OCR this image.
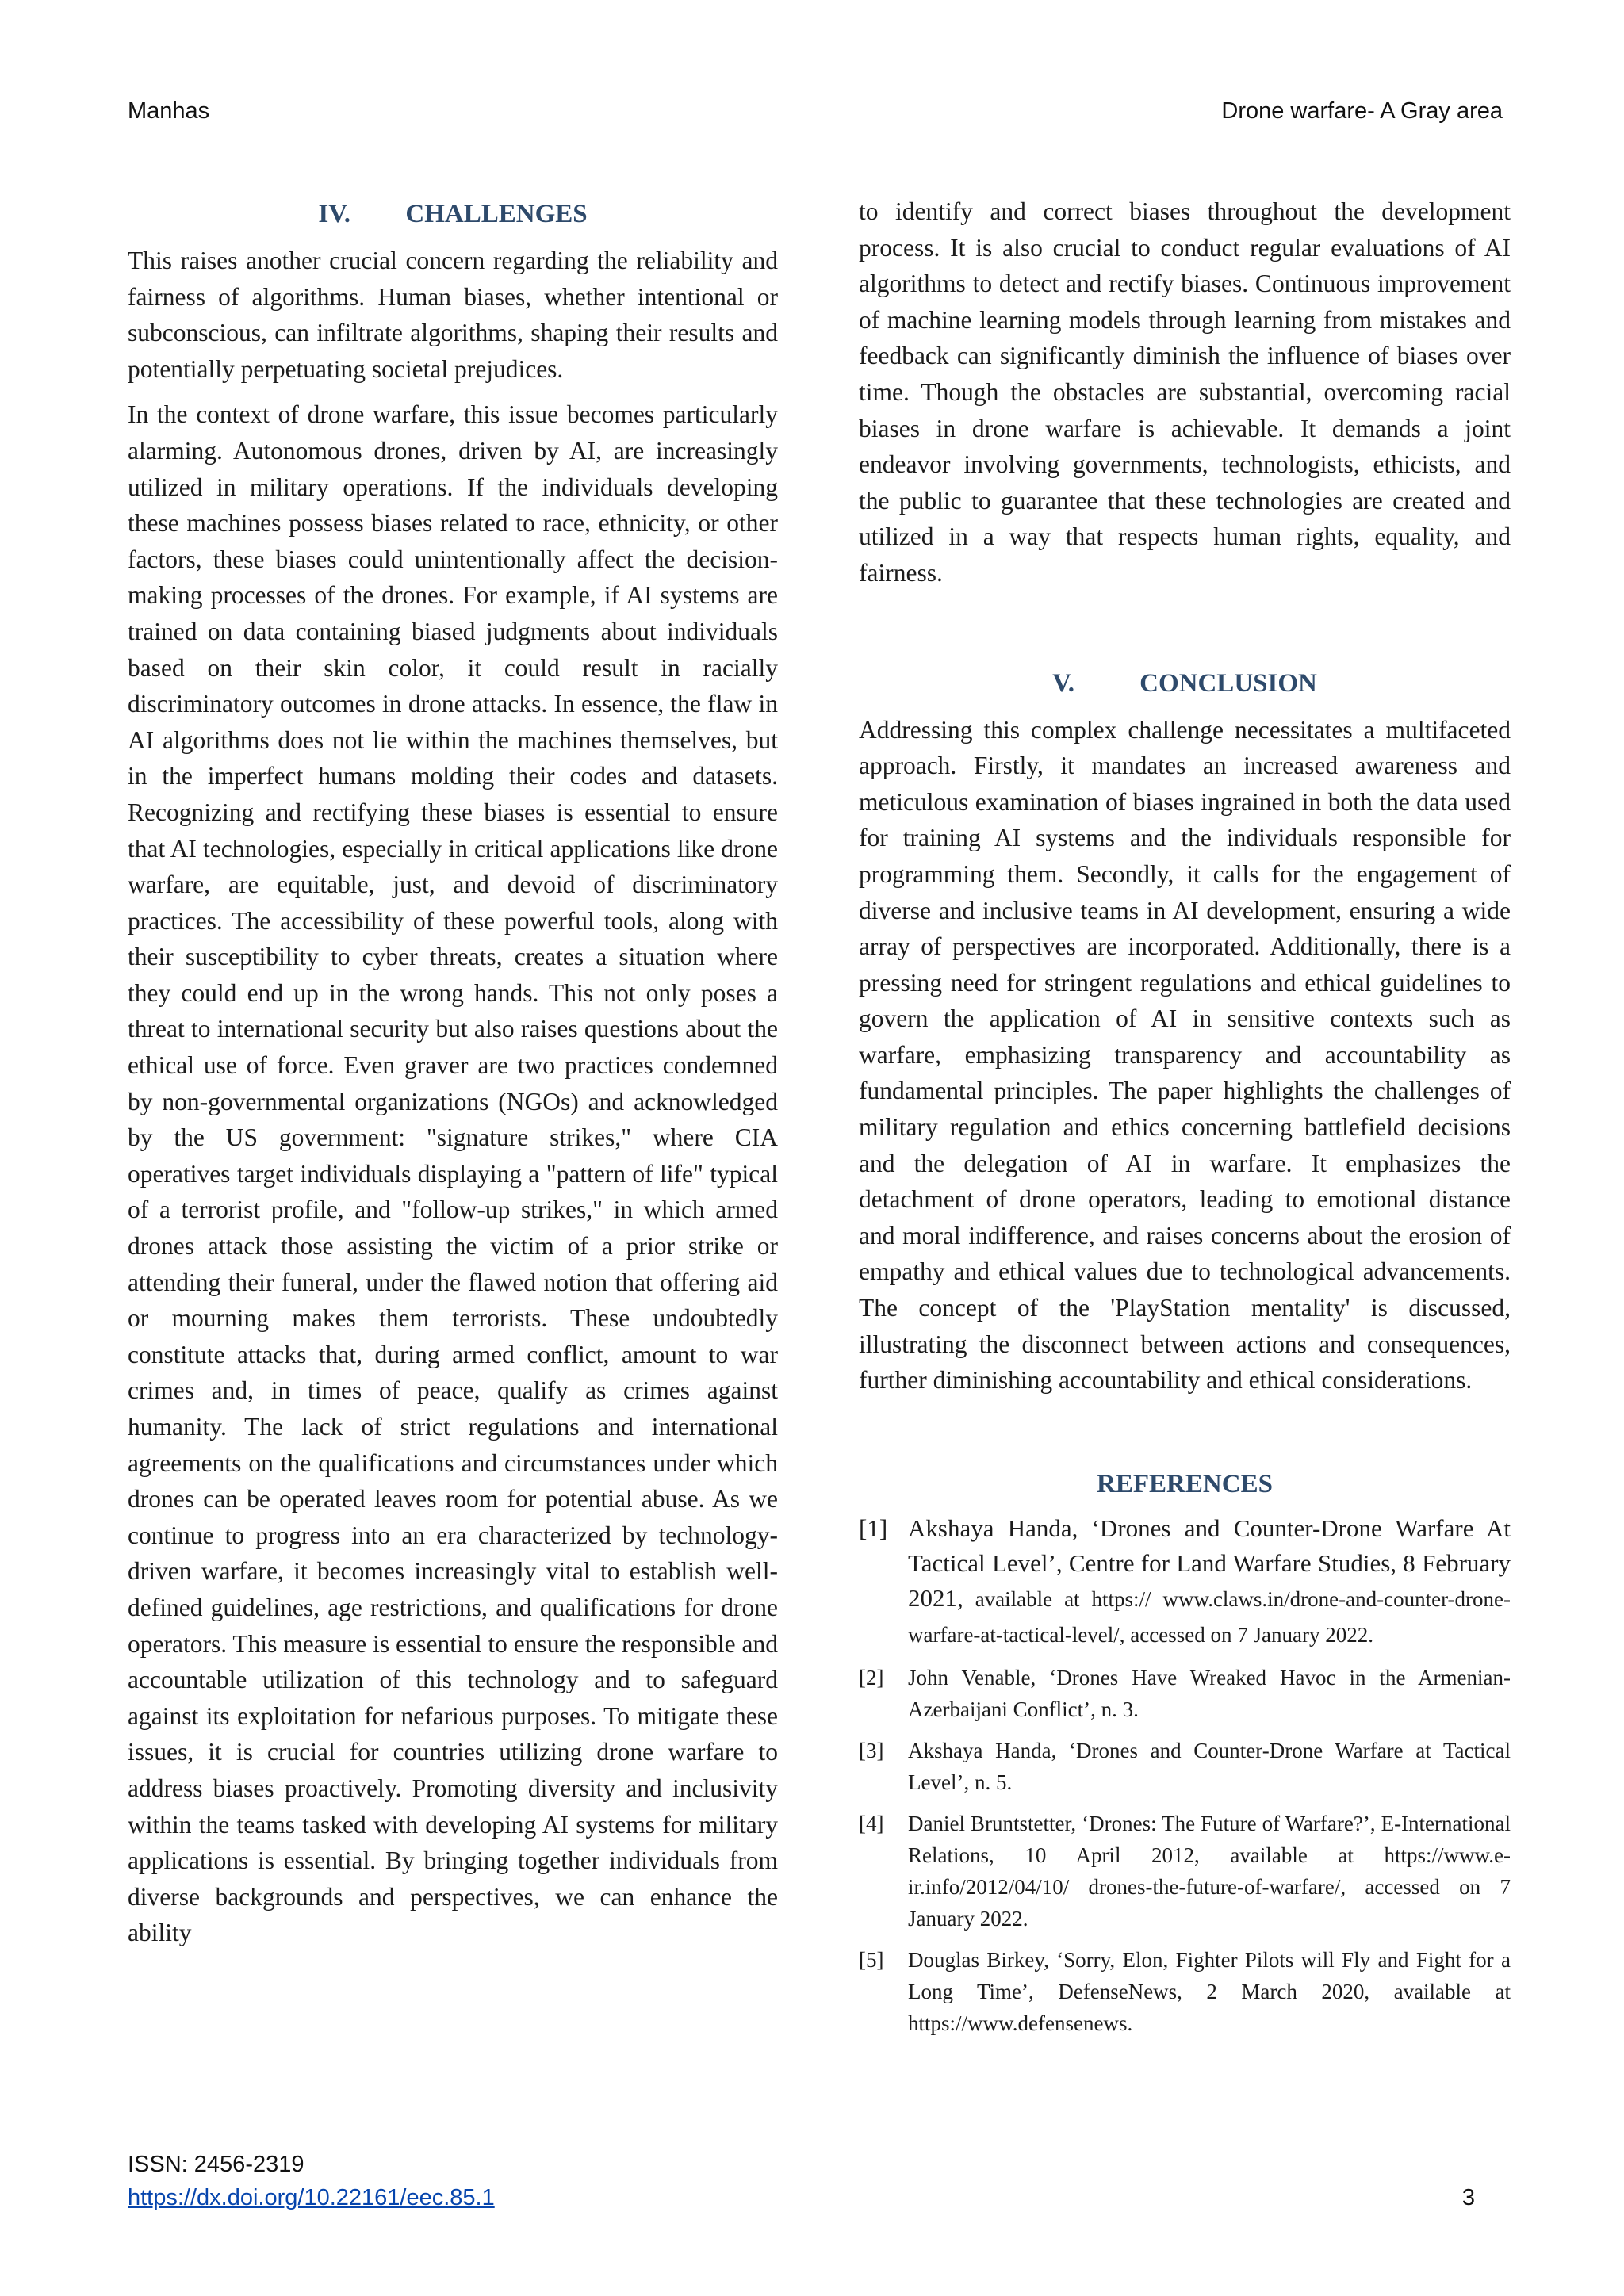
Manhas	Drone warfare- A Gray area
IV. CHALLENGES

This raises another crucial concern regarding the reliability and fairness of algorithms. Human biases, whether intentional or subconscious, can infiltrate algorithms, shaping their results and potentially perpetuating societal prejudices.

In the context of drone warfare, this issue becomes particularly alarming. Autonomous drones, driven by AI, are increasingly utilized in military operations. If the individuals developing these machines possess biases related to race, ethnicity, or other factors, these biases could unintentionally affect the decision-making processes of the drones. For example, if AI systems are trained on data containing biased judgments about individuals based on their skin color, it could result in racially discriminatory outcomes in drone attacks. In essence, the flaw in AI algorithms does not lie within the machines themselves, but in the imperfect humans molding their codes and datasets. Recognizing and rectifying these biases is essential to ensure that AI technologies, especially in critical applications like drone warfare, are equitable, just, and devoid of discriminatory practices. The accessibility of these powerful tools, along with their susceptibility to cyber threats, creates a situation where they could end up in the wrong hands. This not only poses a threat to international security but also raises questions about the ethical use of force. Even graver are two practices condemned by non-governmental organizations (NGOs) and acknowledged by the US government: "signature strikes," where CIA operatives target individuals displaying a "pattern of life" typical of a terrorist profile, and "follow-up strikes," in which armed drones attack those assisting the victim of a prior strike or attending their funeral, under the flawed notion that offering aid or mourning makes them terrorists. These undoubtedly constitute attacks that, during armed conflict, amount to war crimes and, in times of peace, qualify as crimes against humanity. The lack of strict regulations and international agreements on the qualifications and circumstances under which drones can be operated leaves room for potential abuse. As we continue to progress into an era characterized by technology-driven warfare, it becomes increasingly vital to establish well-defined guidelines, age restrictions, and qualifications for drone operators. This measure is essential to ensure the responsible and accountable utilization of this technology and to safeguard against its exploitation for nefarious purposes. To mitigate these issues, it is crucial for countries utilizing drone warfare to address biases proactively. Promoting diversity and inclusivity within the teams tasked with developing AI systems for military applications is essential. By bringing together individuals from diverse backgrounds and perspectives, we can enhance the ability

to identify and correct biases throughout the development process. It is also crucial to conduct regular evaluations of AI algorithms to detect and rectify biases. Continuous improvement of machine learning models through learning from mistakes and feedback can significantly diminish the influence of biases over time. Though the obstacles are substantial, overcoming racial biases in drone warfare is achievable. It demands a joint endeavor involving governments, technologists, ethicists, and the public to guarantee that these technologies are created and utilized in a way that respects human rights, equality, and fairness.

V. CONCLUSION

Addressing this complex challenge necessitates a multifaceted approach. Firstly, it mandates an increased awareness and meticulous examination of biases ingrained in both the data used for training AI systems and the individuals responsible for programming them. Secondly, it calls for the engagement of diverse and inclusive teams in AI development, ensuring a wide array of perspectives are incorporated. Additionally, there is a pressing need for stringent regulations and ethical guidelines to govern the application of AI in sensitive contexts such as warfare, emphasizing transparency and accountability as fundamental principles. The paper highlights the challenges of military regulation and ethics concerning battlefield decisions and the delegation of AI in warfare. It emphasizes the detachment of drone operators, leading to emotional distance and moral indifference, and raises concerns about the erosion of empathy and ethical values due to technological advancements. The concept of the 'PlayStation mentality' is discussed, illustrating the disconnect between actions and consequences, further diminishing accountability and ethical considerations.

REFERENCES
[1] Akshaya Handa, ‘Drones and Counter-Drone Warfare At Tactical Level’, Centre for Land Warfare Studies, 8 February 2021, available at https:// www.claws.in/drone-and-counter-drone-warfare-at-tactical-level/, accessed on 7 January 2022.
[2] John Venable, ‘Drones Have Wreaked Havoc in the Armenian-Azerbaijani Conflict’, n. 3.
[3] Akshaya Handa, ‘Drones and Counter-Drone Warfare at Tactical Level’, n. 5.
[4] Daniel Bruntstetter, ‘Drones: The Future of Warfare?’, E-International Relations, 10 April 2012, available at https://www.e-ir.info/2012/04/10/ drones-the-future-of-warfare/, accessed on 7 January 2022.
[5] Douglas Birkey, ‘Sorry, Elon, Fighter Pilots will Fly and Fight for a Long Time’, DefenseNews, 2 March 2020, available at https://www.defensenews.
ISSN: 2456-2319
https://dx.doi.org/10.22161/eec.85.1	3
